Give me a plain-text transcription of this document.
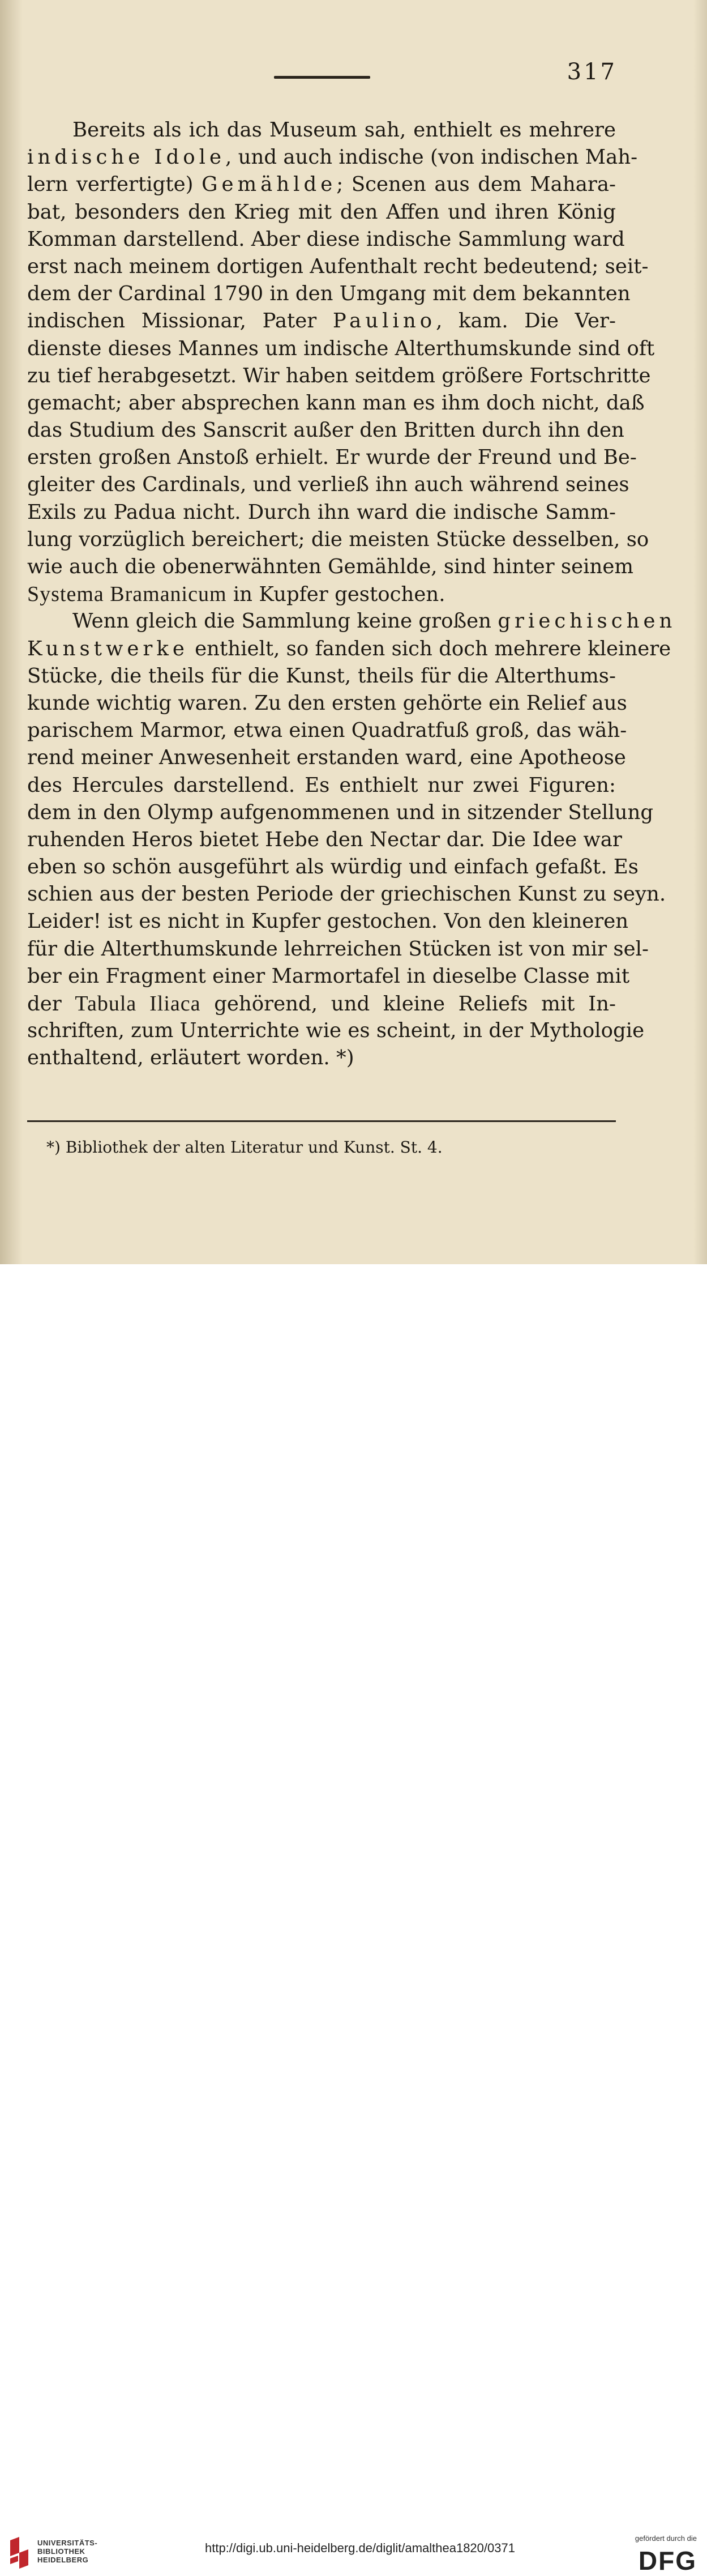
317
Bereits als ich das Museum sah, enthielt es mehrere
indische Idole, und auch indische (von indischen Mah-
lern verfertigte) Gemählde; Scenen aus dem Mahara-
bat, besonders den Krieg mit den Affen und ihren König
Komman darstellend. Aber diese indische Sammlung ward
erst nach meinem dortigen Aufenthalt recht bedeutend; seit-
dem der Cardinal 1790 in den Umgang mit dem bekannten
indischen Missionar, Pater Paulino, kam. Die Ver-
dienste dieses Mannes um indische Alterthumskunde sind oft
zu tief herabgesetzt. Wir haben seitdem größere Fortschritte
gemacht; aber absprechen kann man es ihm doch nicht, daß
das Studium des Sanscrit außer den Britten durch ihn den
ersten großen Anstoß erhielt. Er wurde der Freund und Be-
gleiter des Cardinals, und verließ ihn auch während seines
Exils zu Padua nicht. Durch ihn ward die indische Samm-
lung vorzüglich bereichert; die meisten Stücke desselben, so
wie auch die obenerwähnten Gemählde, sind hinter seinem
Systema Bramanicum in Kupfer gestochen.
Wenn gleich die Sammlung keine großen griechischen
Kunstwerke enthielt, so fanden sich doch mehrere kleinere
Stücke, die theils für die Kunst, theils für die Alterthums-
kunde wichtig waren. Zu den ersten gehörte ein Relief aus
parischem Marmor, etwa einen Quadratfuß groß, das wäh-
rend meiner Anwesenheit erstanden ward, eine Apotheose
des Hercules darstellend. Es enthielt nur zwei Figuren:
dem in den Olymp aufgenommenen und in sitzender Stellung
ruhenden Heros bietet Hebe den Nectar dar. Die Idee war
eben so schön ausgeführt als würdig und einfach gefaßt. Es
schien aus der besten Periode der griechischen Kunst zu seyn.
Leider! ist es nicht in Kupfer gestochen. Von den kleineren
für die Alterthumskunde lehrreichen Stücken ist von mir sel-
ber ein Fragment einer Marmortafel in dieselbe Classe mit
der Tabula Iliaca gehörend, und kleine Reliefs mit In-
schriften, zum Unterrichte wie es scheint, in der Mythologie
enthaltend, erläutert worden. *)
*) Bibliothek der alten Literatur und Kunst. St. 4.
UNIVERSITÄTS-
BIBLIOTHEK
HEIDELBERG
http://digi.ub.uni-heidelberg.de/diglit/amalthea1820/0371
gefördert durch die
DFG
